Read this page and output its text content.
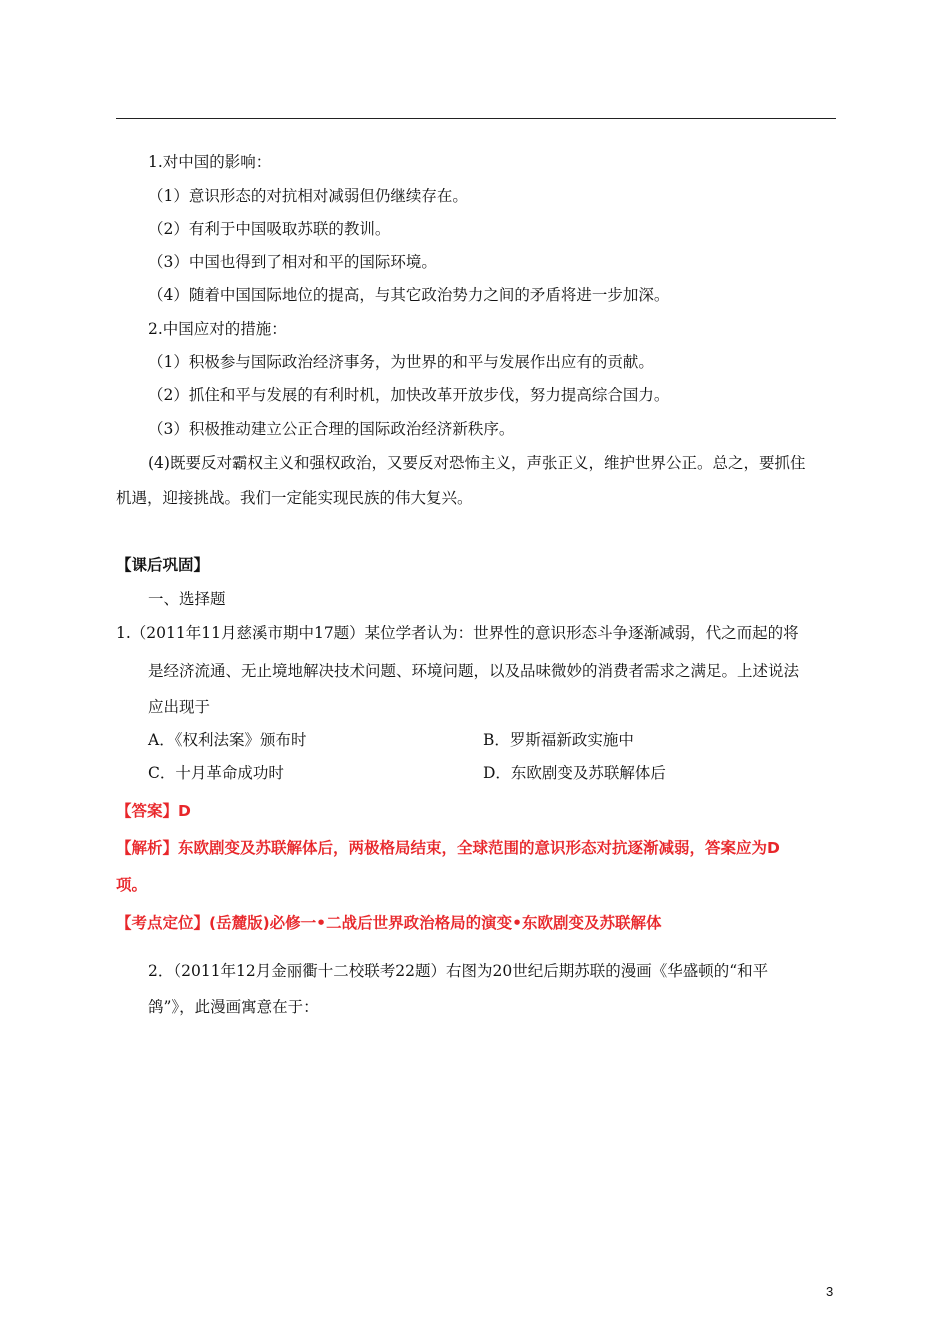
1.对中国的影响：
（1）意识形态的对抗相对减弱但仍继续存在。
（2）有利于中国吸取苏联的教训。
（3）中国也得到了相对和平的国际环境。
（4）随着中国国际地位的提高，与其它政治势力之间的矛盾将进一步加深。
2.中国应对的措施：
（1）积极参与国际政治经济事务，为世界的和平与发展作出应有的贡献。
（2）抓住和平与发展的有利时机，加快改革开放步伐，努力提高综合国力。
（3）积极推动建立公正合理的国际政治经济新秩序。
(4)既要反对霸权主义和强权政治，又要反对恐怖主义，声张正义，维护世界公正。总之，要抓住
机遇，迎接挑战。我们一定能实现民族的伟大复兴。
【课后巩固】
一、选择题
1.（2011年11月慈溪市期中17题）某位学者认为：世界性的意识形态斗争逐渐减弱，代之而起的将
是经济流通、无止境地解决技术问题、环境问题，以及品味微妙的消费者需求之满足。上述说法
应出现于
A．《权利法案》颁布时	B．罗斯福新政实施中
C．十月革命成功时	D．东欧剧变及苏联解体后
【答案】D
【解析】东欧剧变及苏联解体后，两极格局结束，全球范围的意识形态对抗逐渐减弱，答案应为D
项。
【考点定位】(岳麓版)必修一•二战后世界政治格局的演变•东欧剧变及苏联解体
2．（2011年12月金丽衢十二校联考22题）右图为20世纪后期苏联的漫画《华盛顿的“和平
鸽”》，此漫画寓意在于：
3
